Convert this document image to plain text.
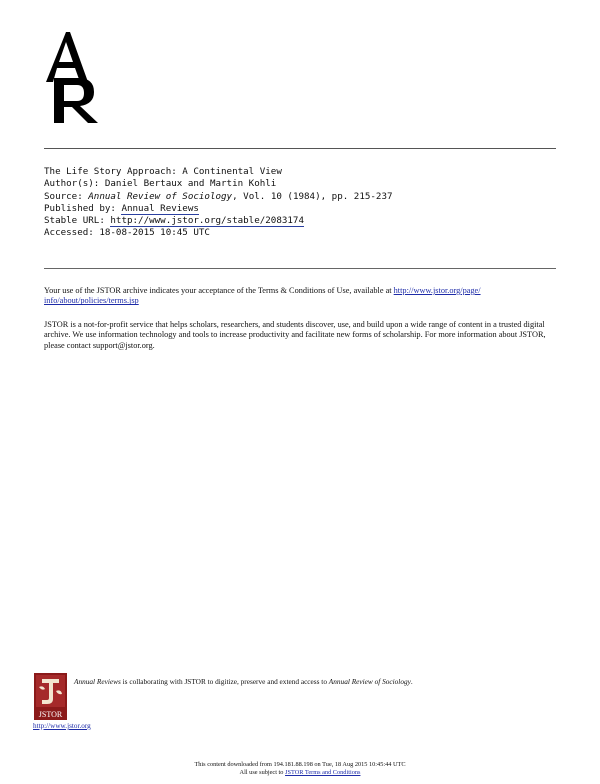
The Life Story Approach: A Continental View
Author(s): Daniel Bertaux and Martin Kohli
Source: Annual Review of Sociology, Vol. 10 (1984), pp. 215-237
Published by: Annual Reviews
Stable URL: http://www.jstor.org/stable/2083174
Accessed: 18-08-2015 10:45 UTC
Your use of the JSTOR archive indicates your acceptance of the Terms & Conditions of Use, available at http://www.jstor.org/page/
info/about/policies/terms.jsp
JSTOR is a not-for-profit service that helps scholars, researchers, and students discover, use, and build upon a wide range of content in a trusted digital archive. We use information technology and tools to increase productivity and facilitate new forms of scholarship. For more information about JSTOR, please contact support@jstor.org.
JSTOR
Annual Reviews is collaborating with JSTOR to digitize, preserve and extend access to Annual Review of Sociology.
http://www.jstor.org
This content downloaded from 194.181.88.198 on Tue, 18 Aug 2015 10:45:44 UTC
All use subject to JSTOR Terms and Conditions
